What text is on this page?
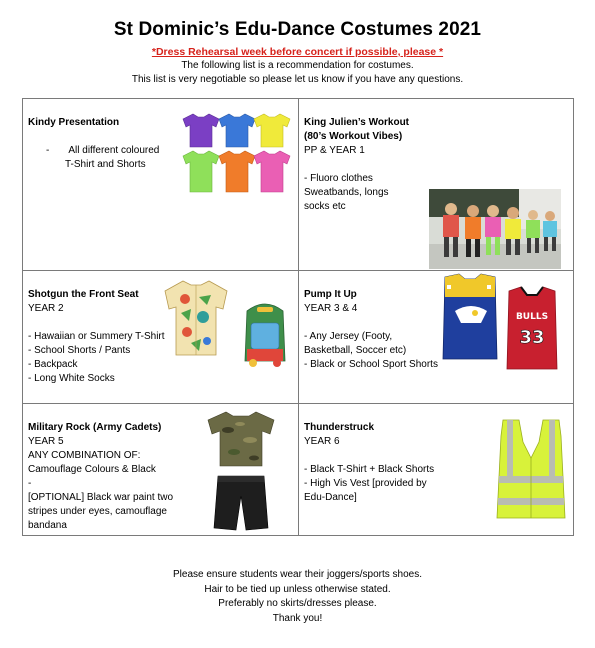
St Dominic’s Edu-Dance Costumes 2021
*Dress Rehearsal week before concert if possible, please *
The following list is a recommendation for costumes.
This list is very negotiable so please let us know if you have any questions.
Kindy Presentation
- All different coloured
T-Shirt and Shorts
King Julien’s Workout
(80’s Workout Vibes)
PP & YEAR 1
- Fluoro clothes
Sweatbands, longs
socks etc
Shotgun the Front Seat
YEAR 2
- Hawaiian or Summery T-Shirt
- School Shorts / Pants
- Backpack
- Long White Socks
Pump It Up
YEAR 3 & 4
- Any Jersey (Footy,
Basketball, Soccer etc)
- Black or School Sport Shorts
BULLS
33
Military Rock (Army Cadets)
YEAR 5
ANY COMBINATION OF:
Camouflage Colours & Black
-
[OPTIONAL] Black war paint two
stripes under eyes, camouflage
bandana
Thunderstruck
YEAR 6
- Black T-Shirt + Black Shorts
- High Vis Vest [provided by
Edu-Dance]
Please ensure students wear their joggers/sports shoes.
Hair to be tied up unless otherwise stated.
Preferably no skirts/dresses please.
Thank you!
